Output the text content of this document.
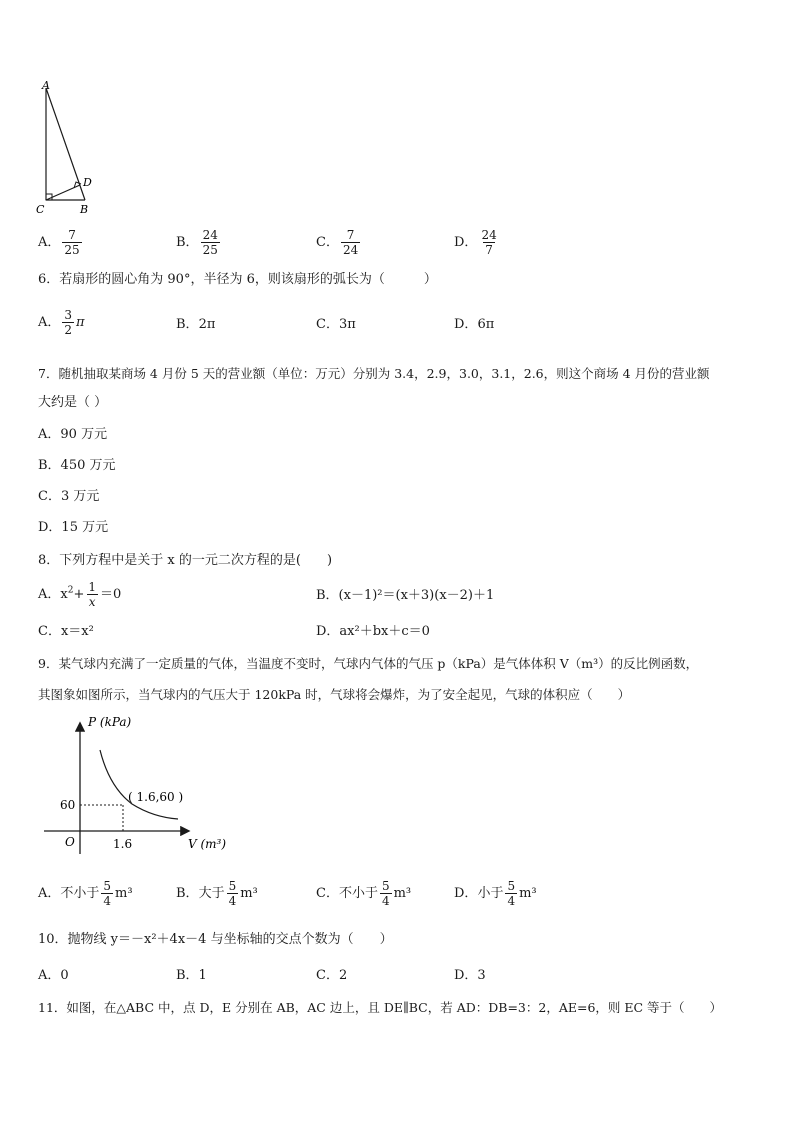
A
D
C	B
A． $\frac{7}{25}$	B． $\frac{24}{25}$	C． $\frac{7}{24}$	D． $\frac{24}{7}$
6．若扇形的圆心角为 90°，半径为 6，则该扇形的弧长为（　　　）
A． $\frac{3}{2}$ π	B．2π	C．3π	D．6π
7．随机抽取某商场 4 月份 5 天的营业额（单位：万元）分别为 3.4，2.9，3.0，3.1，2.6，则这个商场 4 月份的营业额
大约是（ ）
A．90 万元
B．450 万元
C．3 万元
D．15 万元
8．下列方程中是关于 x 的一元二次方程的是(　　)
A．$x^2+ \frac{1}{x} =0$	B．(x－1)²＝(x＋3)(x－2)＋1
C．x＝x²	D．ax²＋bx＋c＝0
9．某气球内充满了一定质量的气体，当温度不变时，气球内气体的气压 p（kPa）是气体体积 V（m³）的反比例函数，
其图象如图所示，当气球内的气压大于 120kPa 时，气球将会爆炸，为了安全起见，气球的体积应（　　）
P (kPa)
V (m³)
O
60
1.6
( 1.6,60 )
A．不小于 $\frac{5}{4} m^3$	B．大于 $\frac{5}{4} m^3$	C．不小于 $\frac{5}{4} m^3$	D．小于 $\frac{5}{4} m^3$
10．抛物线 y＝－x²＋4x－4 与坐标轴的交点个数为（　　）
A．0	B．1	C．2	D．3
11．如图，在△ABC 中，点 D，E 分别在 AB，AC 边上，且 DE∥BC，若 AD：DB=3：2，AE=6，则 EC 等于（　　）
